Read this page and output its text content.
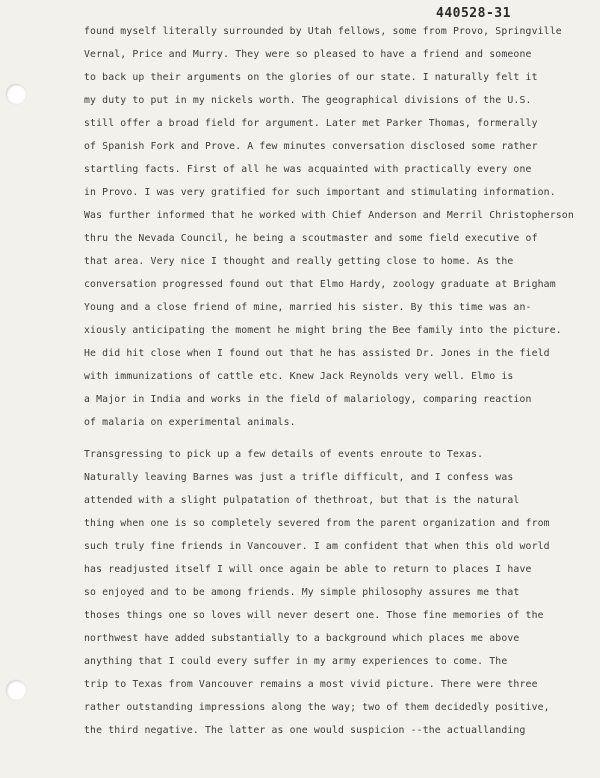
440528-31
found myself literally surrounded by Utah fellows, some from Provo, Springville
Vernal, Price and Murry. They were so pleased to have a friend and someone
to back up their arguments on the glories of our state. I naturally felt it
my duty to put in my nickels worth. The geographical divisions of the U.S.
still offer a broad field for argument. Later met Parker Thomas, formerally
of Spanish Fork and Prove. A few minutes conversation disclosed some rather
startling facts. First of all he was acquainted with practically every one
in Provo. I was very gratified for such important and stimulating information.
Was further informed that he worked with Chief Anderson and Merril Christopherson
thru the Nevada Council, he being a scoutmaster and some field executive of
that area. Very nice I thought and really getting close to home. As the
conversation progressed found out that Elmo Hardy, zoology graduate at Brigham
Young and a close friend of mine, married his sister. By this time was an-
xiously anticipating the moment he might bring the Bee family into the picture.
He did hit close when I found out that he has assisted Dr. Jones in the field
with immunizations of cattle etc. Knew Jack Reynolds very well. Elmo is
a Major in India and works in the field of malariology, comparing reaction
of malaria on experimental animals.
Transgressing to pick up a few details of events enroute to Texas.
Naturally leaving Barnes was just a trifle difficult, and I confess was
attended with a slight pulpatation of thethroat, but that is the natural
thing when one is so completely severed from the parent organization and from
such truly fine friends in Vancouver. I am confident that when this old world
has readjusted itself I will once again be able to return to places I have
so enjoyed and to be among friends. My simple philosophy assures me that
thoses things one so loves will never desert one. Those fine memories of the
northwest have added substantially to a background which places me above
anything that I could every suffer in my army experiences to come. The
trip to Texas from Vancouver remains a most vivid picture. There were three
rather outstanding impressions along the way; two of them decidedly positive,
the third negative. The latter as one would suspicion --the actuallanding
